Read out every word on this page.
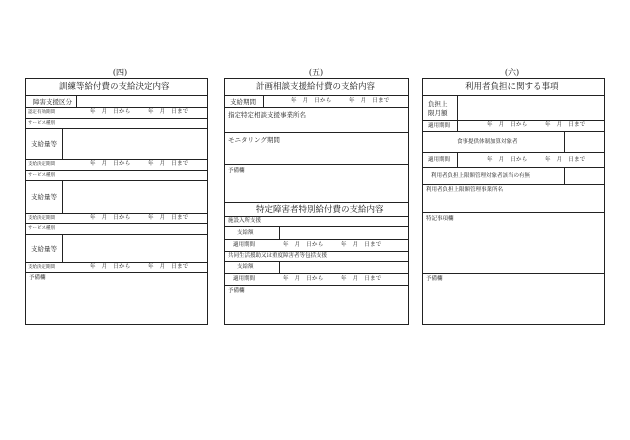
(四)
訓練等給付費の支給決定内容
障害支援区分
認定有効期間	年　月　日から　　　年　月　日まで
サービス種別
支給量等
支給決定期間	年　月　日から　　　年　月　日まで
サービス種別
支給量等
支給決定期間	年　月　日から　　　年　月　日まで
サービス種別
支給量等
支給決定期間	年　月　日から　　　年　月　日まで
予備欄
(五)
計画相談支援給付費の支給内容
支給期間	年　月　日から　　　年　月　日まで
指定特定相談支援事業所名
モニタリング期間
予備欄
特定障害者特別給付費の支給内容
施設入所支援
支給額
適用期間	年　月　日から　　　年　月　日まで
共同生活援助又は重度障害者等包括支援
支給額
適用期間	年　月　日から　　　年　月　日まで
予備欄
(六)
利用者負担に関する事項
負担上限月額
適用期間	年　月　日から　　　年　月　日まで
食事提供体制加算対象者
適用期間	年　月　日から　　　年　月　日まで
利用者負担上限額管理対象者該当の有無
利用者負担上限額管理事業所名
特記事項欄
予備欄
